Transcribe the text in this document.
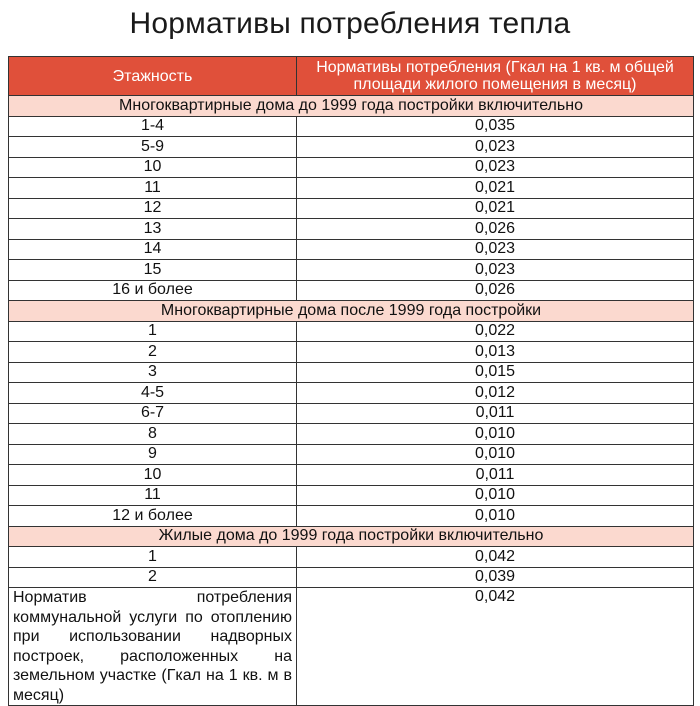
Нормативы потребления тепла
Этажность	Нормативы потребления (Гкал на 1 кв. м общей площади жилого помещения в месяц)
Многоквартирные дома до 1999 года постройки включительно	
1-4	0,035
5-9	0,023
10	0,023
11	0,021
12	0,021
13	0,026
14	0,023
15	0,023
16 и более	0,026
Многоквартирные дома после 1999 года постройки	
1	0,022
2	0,013
3	0,015
4-5	0,012
6-7	0,011
8	0,010
9	0,010
10	0,011
11	0,010
12 и более	0,010
Жилые дома до 1999 года постройки включительно	
1	0,042
2	0,039
Норматив потребления коммунальной услуги по отоплению при использовании надворных построек, расположенных на земельном участке (Гкал на 1 кв. м в месяц)	0,042
